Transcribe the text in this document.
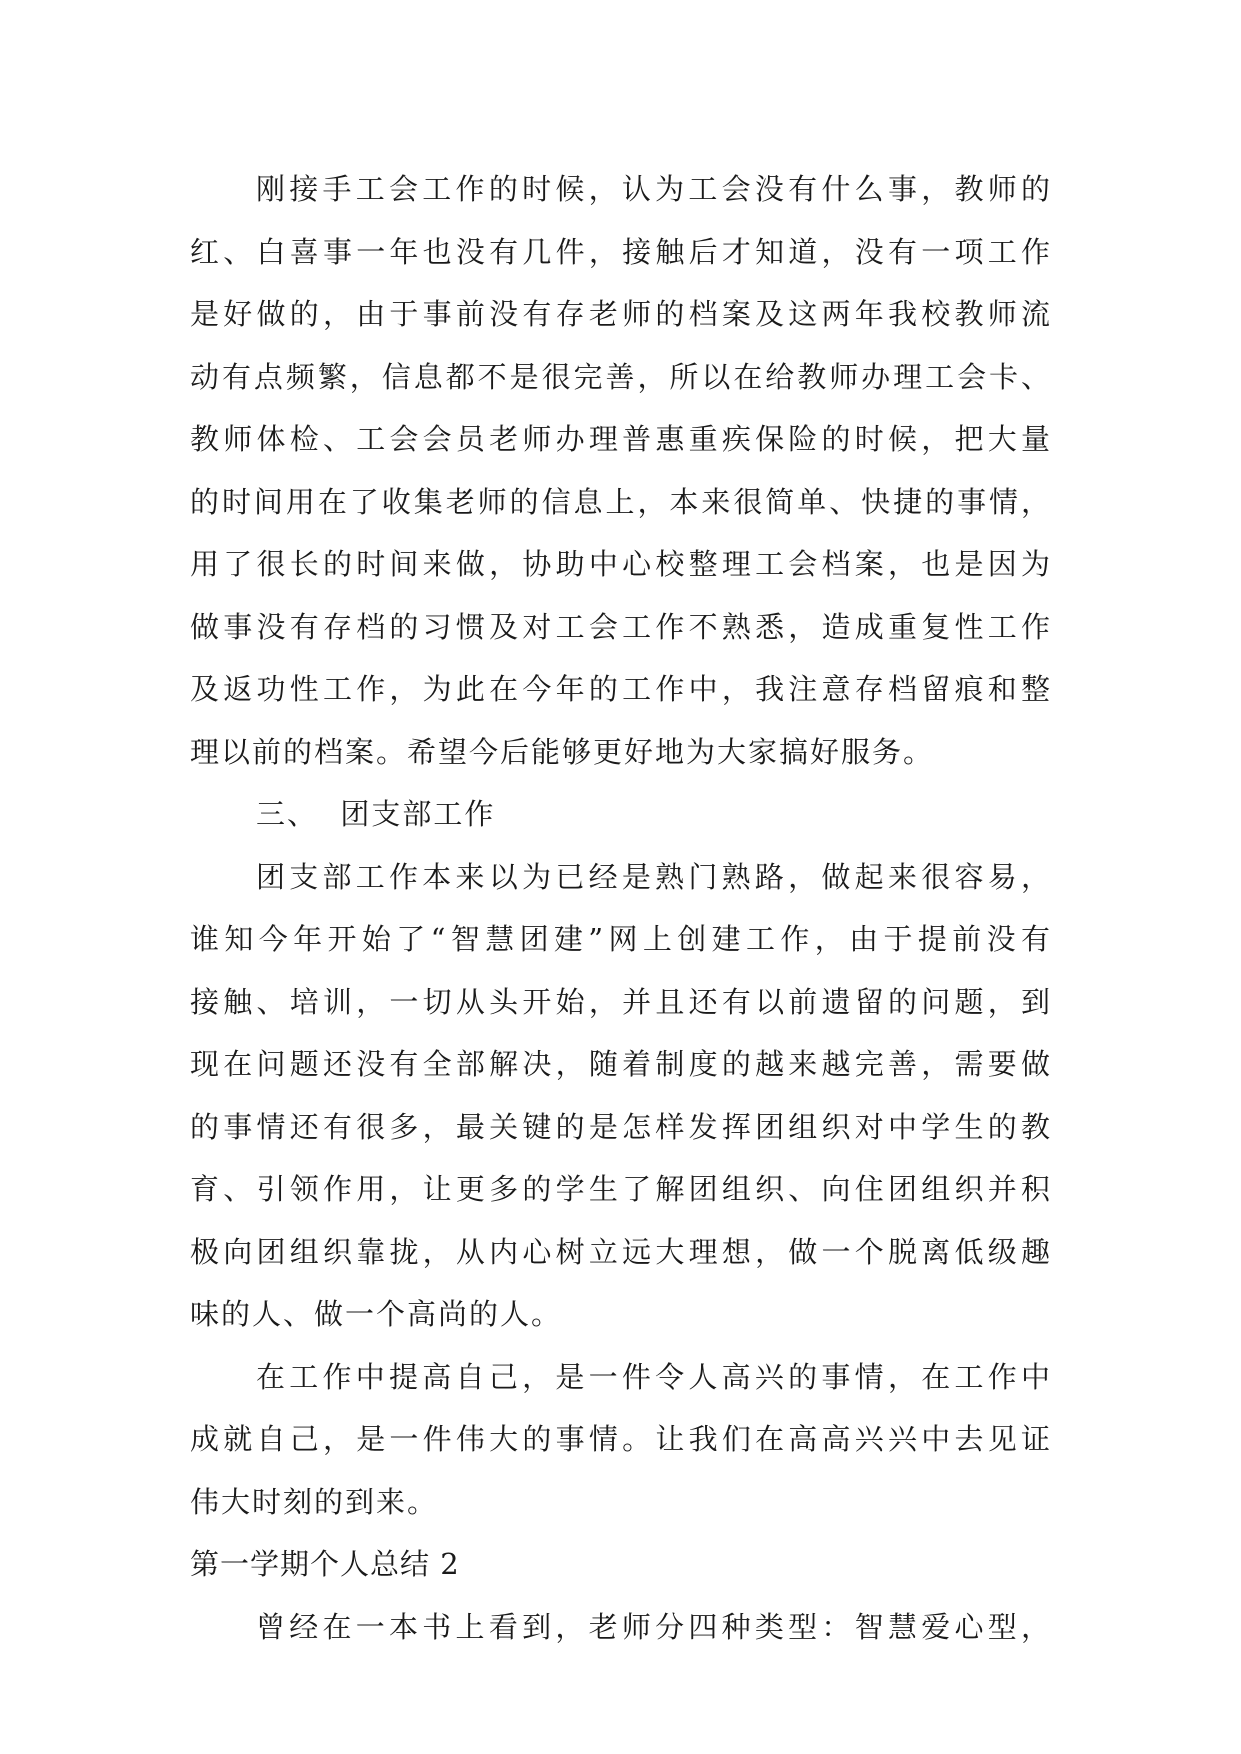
刚接手工会工作的时候，认为工会没有什么事，教师的
红、白喜事一年也没有几件，接触后才知道，没有一项工作
是好做的，由于事前没有存老师的档案及这两年我校教师流
动有点频繁，信息都不是很完善，所以在给教师办理工会卡、
教师体检、工会会员老师办理普惠重疾保险的时候，把大量
的时间用在了收集老师的信息上，本来很简单、快捷的事情，
用了很长的时间来做，协助中心校整理工会档案，也是因为
做事没有存档的习惯及对工会工作不熟悉，造成重复性工作
及返功性工作，为此在今年的工作中，我注意存档留痕和整
理以前的档案。希望今后能够更好地为大家搞好服务。
三、  团支部工作
团支部工作本来以为已经是熟门熟路，做起来很容易，
谁知今年开始了“智慧团建”网上创建工作，由于提前没有
接触、培训，一切从头开始，并且还有以前遗留的问题，到
现在问题还没有全部解决，随着制度的越来越完善，需要做
的事情还有很多，最关键的是怎样发挥团组织对中学生的教
育、引领作用，让更多的学生了解团组织、向住团组织并积
极向团组织靠拢，从内心树立远大理想，做一个脱离低级趣
味的人、做一个高尚的人。
在工作中提高自己，是一件令人高兴的事情，在工作中
成就自己，是一件伟大的事情。让我们在高高兴兴中去见证
伟大时刻的到来。
第一学期个人总结 2
曾经在一本书上看到，老师分四种类型：智慧爱心型，
